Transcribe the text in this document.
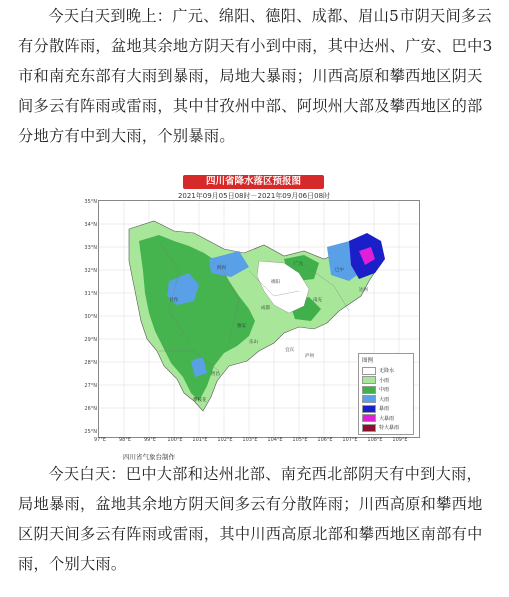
今天白天到晚上：广元、绵阳、德阳、成都、眉山5市阴天间多云有分散阵雨，盆地其余地方阴天有小到中雨，其中达州、广安、巴中3市和南充东部有大雨到暴雨，局地大暴雨；川西高原和攀西地区阴天间多云有阵雨或雷雨，其中甘孜州中部、阿坝州大部及攀西地区的部分地方有中到大雨，个别暴雨。

四川省降水落区预报图
2021年09月05日08时－2021年09月06日08时
35°N
34°N
33°N
32°N
31°N
30°N
29°N
28°N
27°N
26°N
25°N
广元
巴中
达州
绵阳
南充
成都
阿坝
甘孜
雅安
乐山
宜宾
泸州
西昌
攀枝花
四川省气象台制作
图例
无降水
小雨
中雨
大雨
暴雨
大暴雨
特大暴雨
97°E	98°E	99°E	100°E	101°E	102°E	103°E	104°E	105°E	106°E	107°E	108°E	109°E

今天白天：巴中大部和达州北部、南充西北部阴天有中到大雨，局地暴雨，盆地其余地方阴天间多云有分散阵雨；川西高原和攀西地区阴天间多云有阵雨或雷雨，其中川西高原北部和攀西地区南部有中雨，个别大雨。
